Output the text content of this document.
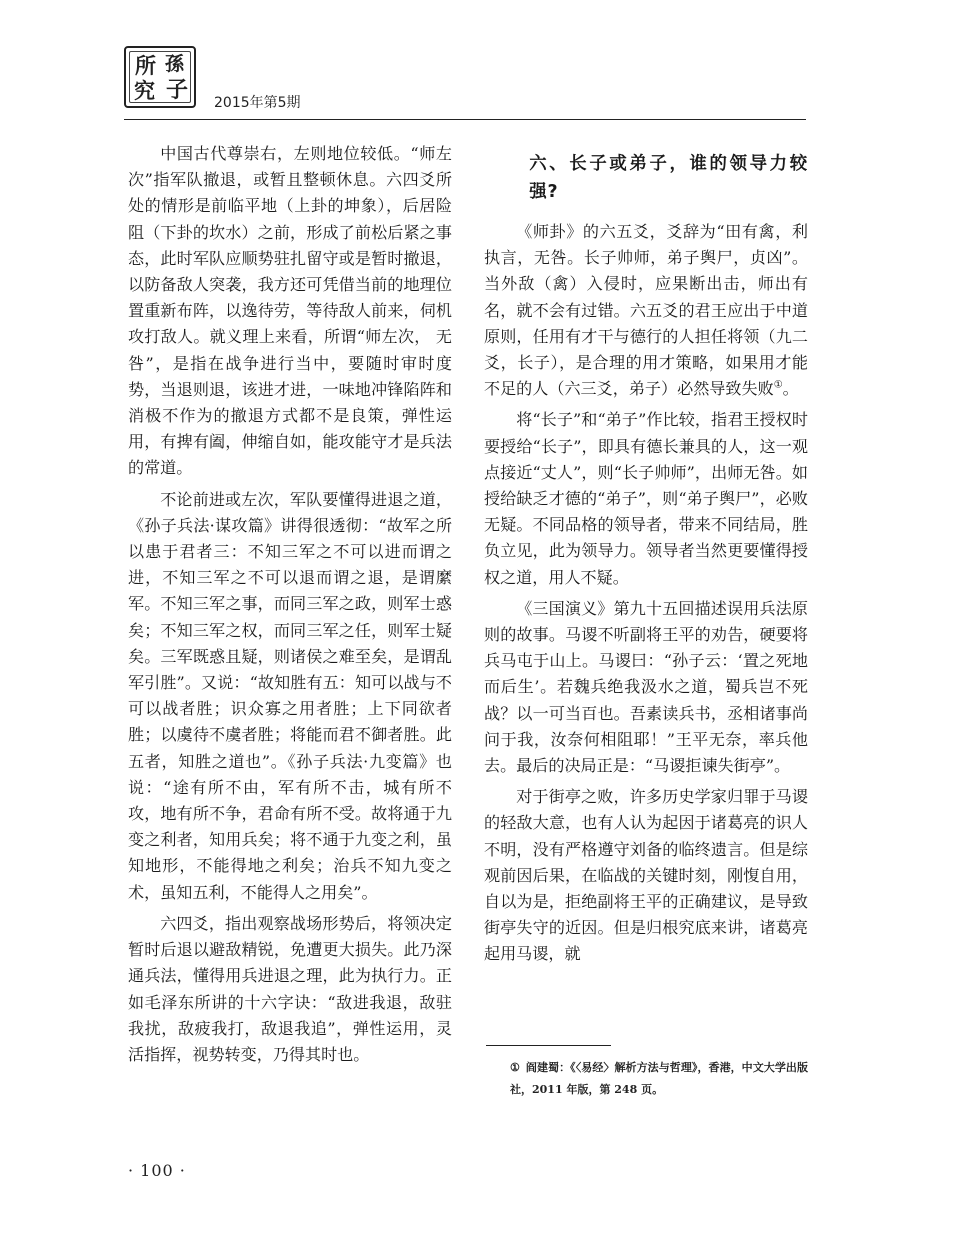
所 孫
究 子 2015年第5期

中国古代尊崇右，左则地位较低。“师左次”指军队撤退，或暂且整顿休息。六四爻所处的情形是前临平地（上卦的坤象），后居险阻（下卦的坎水）之前，形成了前松后紧之事态，此时军队应顺势驻扎留守或是暂时撤退，以防备敌人突袭，我方还可凭借当前的地理位置重新布阵，以逸待劳，等待敌人前来，伺机攻打敌人。就义理上来看，所谓“师左次， 无咎”，是指在战争进行当中，要随时审时度势，当退则退，该进才进，一味地冲锋陷阵和消极不作为的撤退方式都不是良策，弹性运用，有捭有阖，伸缩自如，能攻能守才是兵法的常道。

不论前进或左次，军队要懂得进退之道，《孙子兵法·谋攻篇》讲得很透彻：“故军之所以患于君者三：不知三军之不可以进而谓之进，不知三军之不可以退而谓之退，是谓縻军。不知三军之事，而同三军之政，则军士惑矣；不知三军之权，而同三军之任，则军士疑矣。三军既惑且疑，则诸侯之难至矣，是谓乱军引胜”。又说：“故知胜有五：知可以战与不可以战者胜；识众寡之用者胜；上下同欲者胜；以虞待不虞者胜；将能而君不御者胜。此五者，知胜之道也”。《孙子兵法·九变篇》也说：“途有所不由，军有所不击，城有所不攻，地有所不争，君命有所不受。故将通于九变之利者，知用兵矣；将不通于九变之利，虽知地形，不能得地之利矣；治兵不知九变之术，虽知五利，不能得人之用矣”。

六四爻，指出观察战场形势后，将领决定暂时后退以避敌精锐，免遭更大损失。此乃深通兵法，懂得用兵进退之理，此为执行力。正如毛泽东所讲的十六字诀：“敌进我退，敌驻我扰，敌疲我打，敌退我追”，弹性运用，灵活指挥，视势转变，乃得其时也。

六、长子或弟子，谁的领导力较强?

《师卦》的六五爻，爻辞为“田有禽，利执言，无咎。长子帅师，弟子舆尸，贞凶”。当外敌（禽）入侵时，应果断出击，师出有名，就不会有过错。六五爻的君王应出于中道原则，任用有才干与德行的人担任将领（九二爻，长子），是合理的用才策略，如果用才能不足的人（六三爻，弟子）必然导致失败①。

将“长子”和“弟子”作比较，指君王授权时要授给“长子”，即具有德长兼具的人，这一观点接近“丈人”，则“长子帅师”，出师无咎。如授给缺乏才德的“弟子”，则“弟子舆尸”，必败无疑。不同品格的领导者，带来不同结局，胜负立见，此为领导力。领导者当然更要懂得授权之道，用人不疑。

《三国演义》第九十五回描述误用兵法原则的故事。马谡不听副将王平的劝告，硬要将兵马屯于山上。马谡曰：“孙子云：‘置之死地而后生’。若魏兵绝我汲水之道，蜀兵岂不死战？以一可当百也。吾素读兵书，丞相诸事尚问于我，汝奈何相阻耶！”王平无奈，率兵他去。最后的决局正是：“马谡拒谏失街亭”。

对于街亭之败，许多历史学家归罪于马谡的轻敌大意，也有人认为起因于诸葛亮的识人不明，没有严格遵守刘备的临终遗言。但是综观前因后果，在临战的关键时刻，刚愎自用，自以为是，拒绝副将王平的正确建议，是导致街亭失守的近因。但是归根究底来讲，诸葛亮起用马谡，就

① 阎建蜀：《〈易经〉解析方法与哲理》，香港，中文大学出版社，2011 年版，第 248 页。
· 100 ·
